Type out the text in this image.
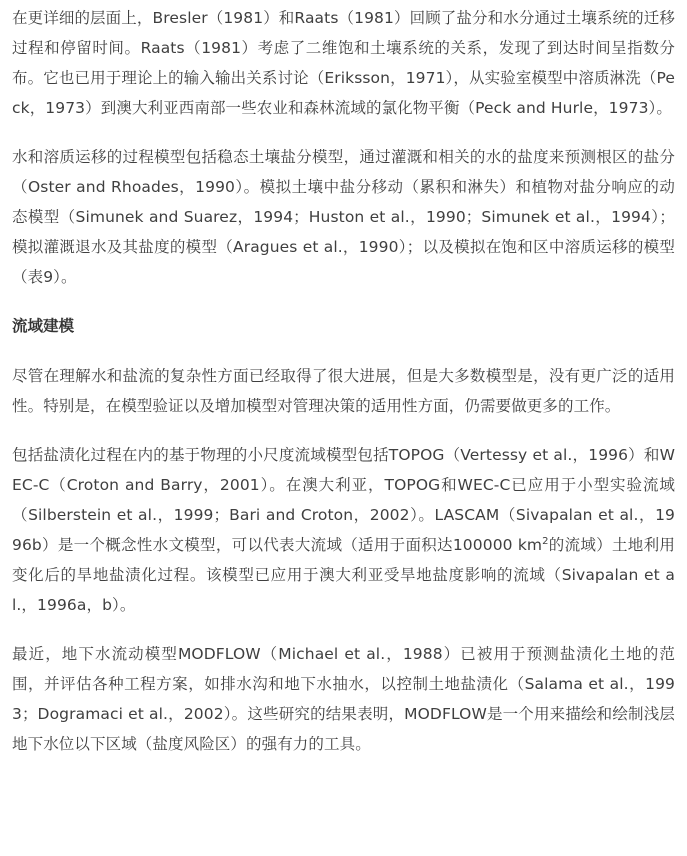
在更详细的层面上，Bresler（1981）和Raats（1981）回顾了盐分和水分通过土壤系统的迁移过程和停留时间。Raats（1981）考虑了二维饱和土壤系统的关系，发现了到达时间呈指数分布。它也已用于理论上的输入输出关系讨论（Eriksson，1971），从实验室模型中溶质淋洗（Peck，1973）到澳大利亚西南部一些农业和森林流域的氯化物平衡（Peck and Hurle，1973）。

水和溶质运移的过程模型包括稳态土壤盐分模型，通过灌溉和相关的水的盐度来预测根区的盐分（Oster and Rhoades，1990）。模拟土壤中盐分移动（累积和淋失）和植物对盐分响应的动态模型（Simunek and Suarez，1994；Huston et al.，1990；Simunek et al.，1994）；模拟灌溉退水及其盐度的模型（Aragues et al.，1990）；以及模拟在饱和区中溶质运移的模型（表9）。

流域建模

尽管在理解水和盐流的复杂性方面已经取得了很大进展，但是大多数模型是，没有更广泛的适用性。特别是，在模型验证以及增加模型对管理决策的适用性方面，仍需要做更多的工作。

包括盐渍化过程在内的基于物理的小尺度流域模型包括TOPOG（Vertessy et al.，1996）和WEC-C（Croton and Barry，2001）。在澳大利亚，TOPOG和WEC-C已应用于小型实验流域（Silberstein et al.，1999；Bari and Croton，2002）。LASCAM（Sivapalan et al.，1996b）是一个概念性水文模型，可以代表大流域（适用于面积达100000 $km^2$的流域）土地利用变化后的旱地盐渍化过程。该模型已应用于澳大利亚受旱地盐度影响的流域（Sivapalan et al.，1996a，b）。

最近，地下水流动模型MODFLOW（Michael et al.，1988）已被用于预测盐渍化土地的范围，并评估各种工程方案，如排水沟和地下水抽水，以控制土地盐渍化（Salama et al.，1993；Dogramaci et al.，2002）。这些研究的结果表明，MODFLOW是一个用来描绘和绘制浅层地下水位以下区域（盐度风险区）的强有力的工具。
